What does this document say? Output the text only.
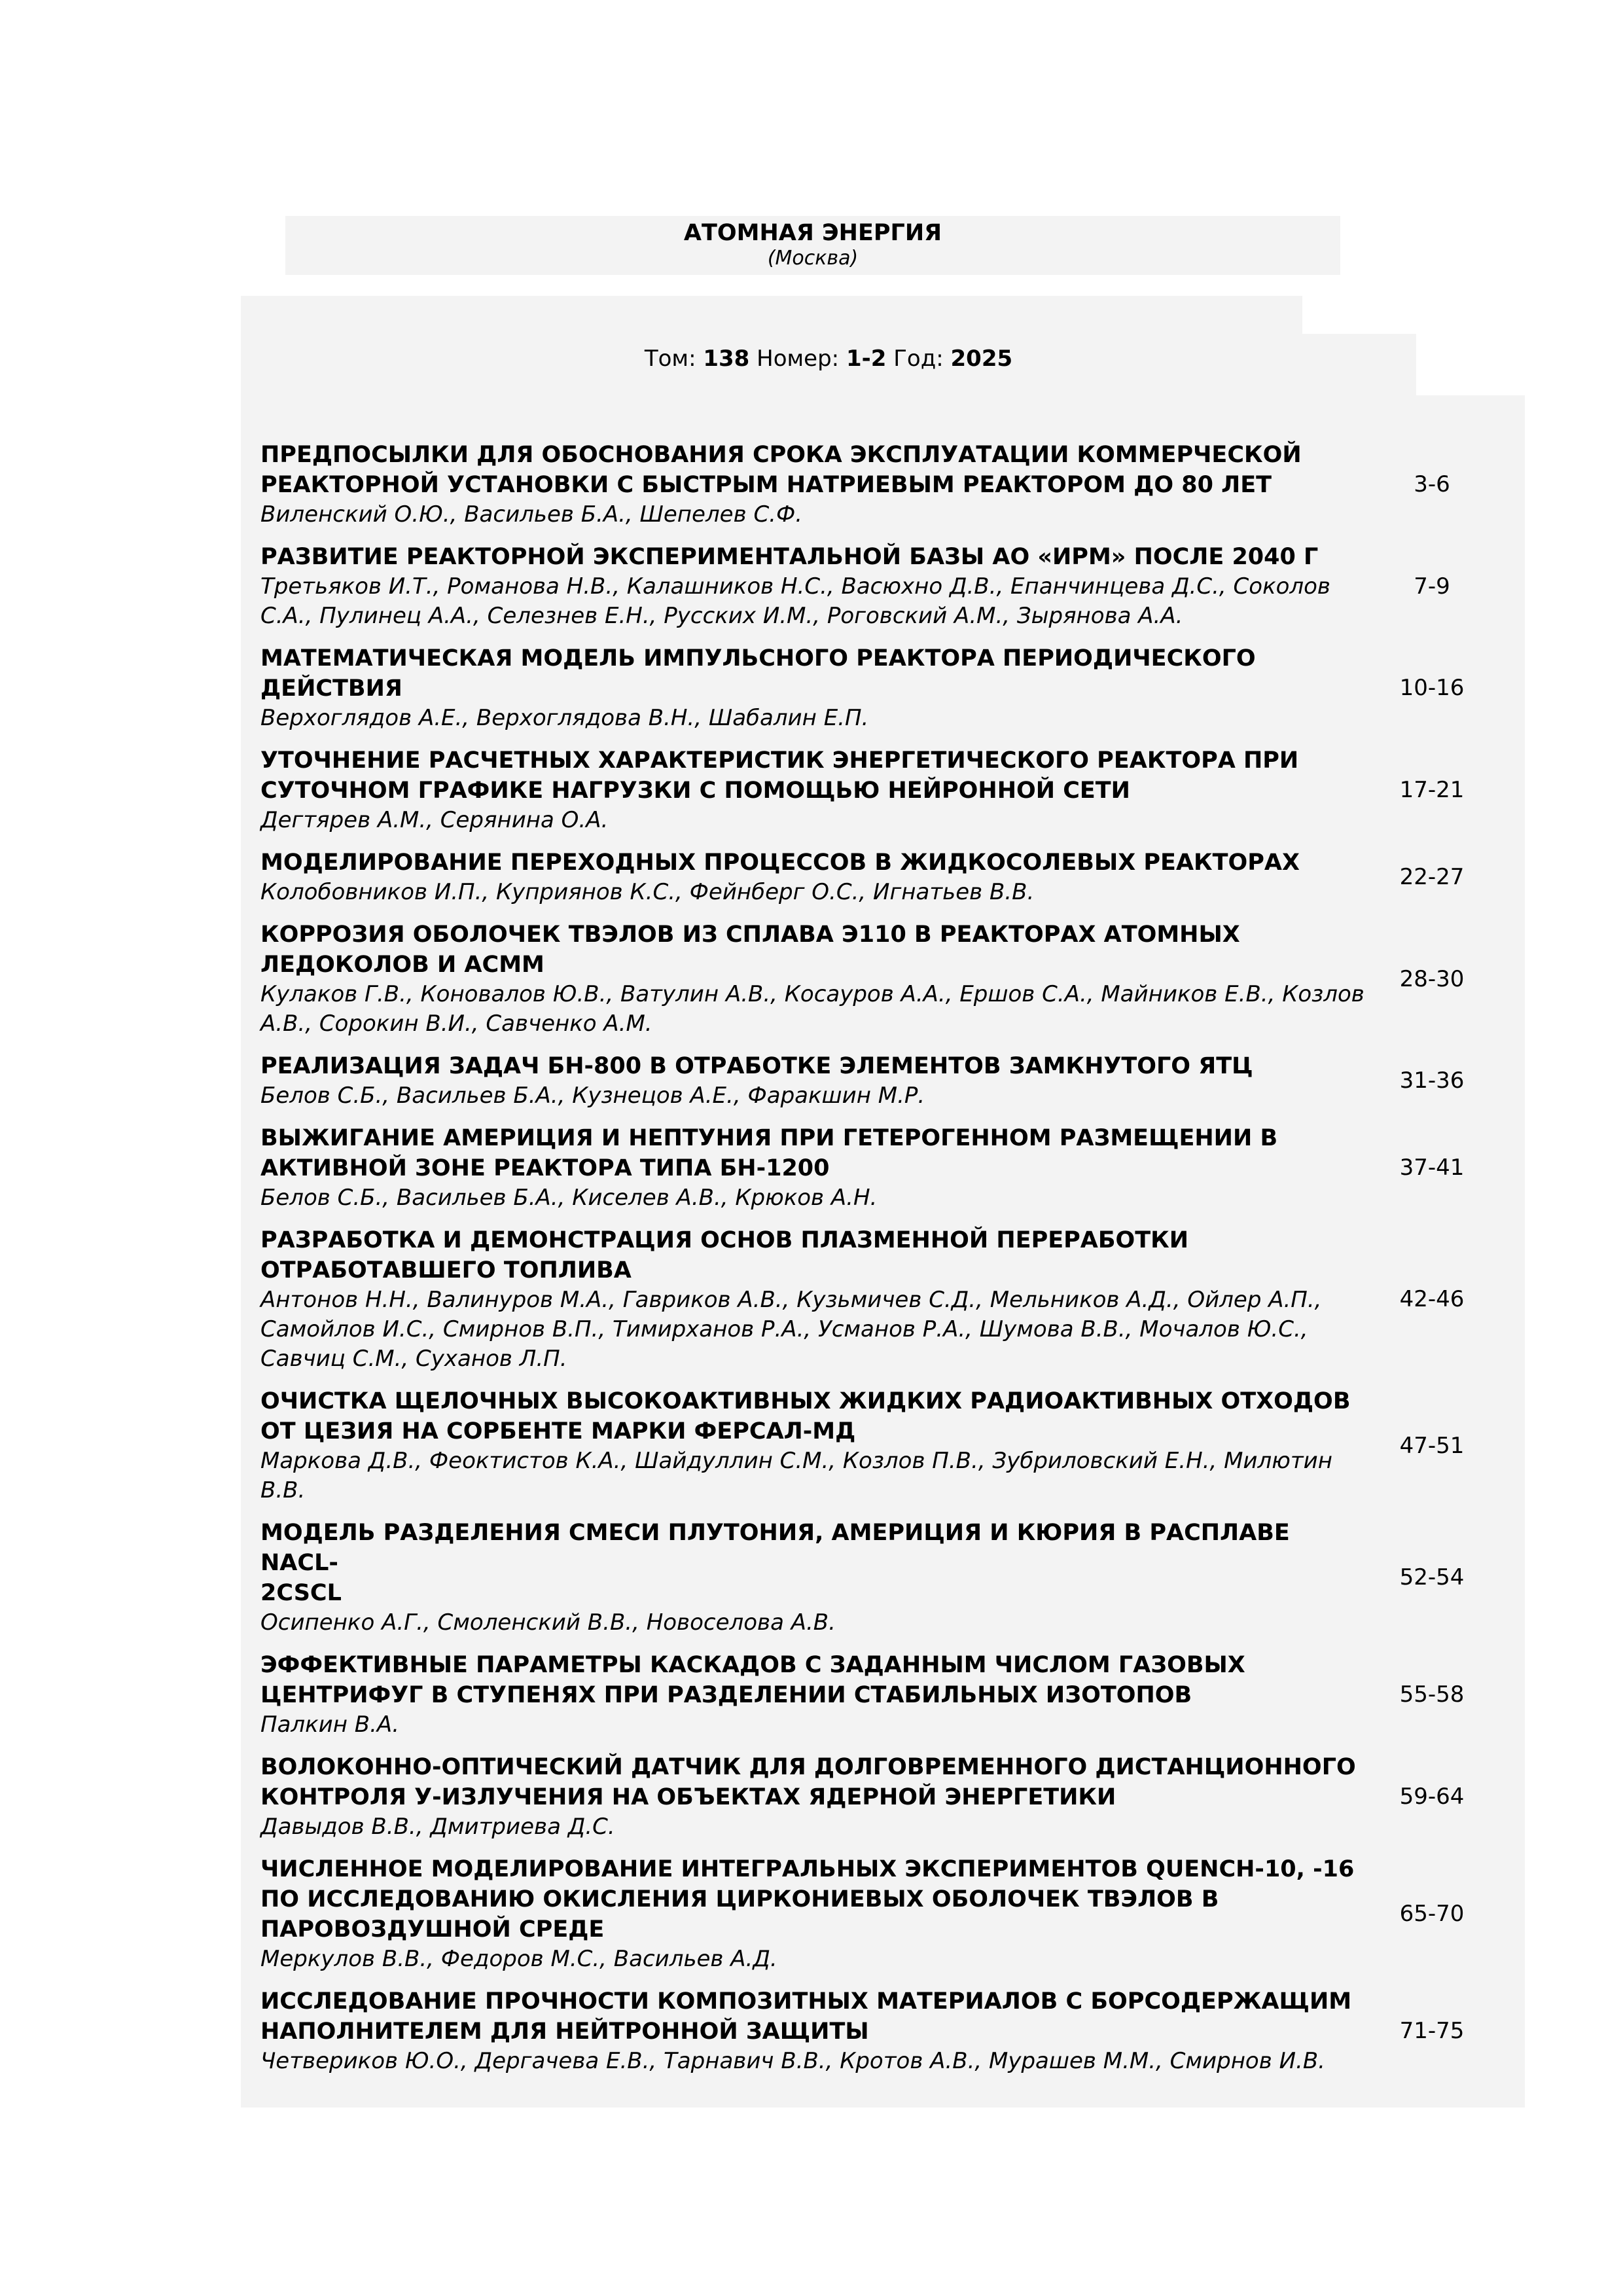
АТОМНАЯ ЭНЕРГИЯ
(Москва)
Том: 138 Номер: 1-2 Год: 2025
ПРЕДПОСЫЛКИ ДЛЯ ОБОСНОВАНИЯ СРОКА ЭКСПЛУАТАЦИИ КОММЕРЧЕСКОЙ
РЕАКТОРНОЙ УСТАНОВКИ С БЫСТРЫМ НАТРИЕВЫМ РЕАКТОРОМ ДО 80 ЛЕТ
Виленский О.Ю., Васильев Б.А., Шепелев С.Ф.
3-6
РАЗВИТИЕ РЕАКТОРНОЙ ЭКСПЕРИМЕНТАЛЬНОЙ БАЗЫ АО «ИРМ» ПОСЛЕ 2040 Г
Третьяков И.Т., Романова Н.В., Калашников Н.С., Васюхно Д.В., Епанчинцева Д.С., Соколов
С.А., Пулинец А.А., Селезнев Е.Н., Русских И.М., Роговский А.М., Зырянова А.А.
7-9
МАТЕМАТИЧЕСКАЯ МОДЕЛЬ ИМПУЛЬСНОГО РЕАКТОРА ПЕРИОДИЧЕСКОГО
ДЕЙСТВИЯ
Верхоглядов А.Е., Верхоглядова В.Н., Шабалин Е.П.
10-16
УТОЧНЕНИЕ РАСЧЕТНЫХ ХАРАКТЕРИСТИК ЭНЕРГЕТИЧЕСКОГО РЕАКТОРА ПРИ
СУТОЧНОМ ГРАФИКЕ НАГРУЗКИ С ПОМОЩЬЮ НЕЙРОННОЙ СЕТИ
Дегтярев А.М., Серянина О.А.
17-21
МОДЕЛИРОВАНИЕ ПЕРЕХОДНЫХ ПРОЦЕССОВ В ЖИДКОСОЛЕВЫХ РЕАКТОРАХ
Колобовников И.П., Куприянов К.С., Фейнберг О.С., Игнатьев В.В.
22-27
КОРРОЗИЯ ОБОЛОЧЕК ТВЭЛОВ ИЗ СПЛАВА Э110 В РЕАКТОРАХ АТОМНЫХ
ЛЕДОКОЛОВ И АСММ
Кулаков Г.В., Коновалов Ю.В., Ватулин А.В., Косауров А.А., Ершов С.А., Майников Е.В., Козлов
А.В., Сорокин В.И., Савченко А.М.
28-30
РЕАЛИЗАЦИЯ ЗАДАЧ БН-800 В ОТРАБОТКЕ ЭЛЕМЕНТОВ ЗАМКНУТОГО ЯТЦ
Белов С.Б., Васильев Б.А., Кузнецов А.Е., Фаракшин М.Р.
31-36
ВЫЖИГАНИЕ АМЕРИЦИЯ И НЕПТУНИЯ ПРИ ГЕТЕРОГЕННОМ РАЗМЕЩЕНИИ В
АКТИВНОЙ ЗОНЕ РЕАКТОРА ТИПА БН-1200
Белов С.Б., Васильев Б.А., Киселев А.В., Крюков А.Н.
37-41
РАЗРАБОТКА И ДЕМОНСТРАЦИЯ ОСНОВ ПЛАЗМЕННОЙ ПЕРЕРАБОТКИ
ОТРАБОТАВШЕГО ТОПЛИВА
Антонов Н.Н., Валинуров М.А., Гавриков А.В., Кузьмичев С.Д., Мельников А.Д., Ойлер А.П.,
Самойлов И.С., Смирнов В.П., Тимирханов Р.А., Усманов Р.А., Шумова В.В., Мочалов Ю.С.,
Савчиц С.М., Суханов Л.П.
42-46
ОЧИСТКА ЩЕЛОЧНЫХ ВЫСОКОАКТИВНЫХ ЖИДКИХ РАДИОАКТИВНЫХ ОТХОДОВ
ОТ ЦЕЗИЯ НА СОРБЕНТЕ МАРКИ ФЕРСАЛ-МД
Маркова Д.В., Феоктистов К.А., Шайдуллин С.М., Козлов П.В., Зубриловский Е.Н., Милютин
В.В.
47-51
МОДЕЛЬ РАЗДЕЛЕНИЯ СМЕСИ ПЛУТОНИЯ, АМЕРИЦИЯ И КЮРИЯ В РАСПЛАВЕ NACL-
2CSCL
Осипенко А.Г., Смоленский В.В., Новоселова А.В.
52-54
ЭФФЕКТИВНЫЕ ПАРАМЕТРЫ КАСКАДОВ С ЗАДАННЫМ ЧИСЛОМ ГАЗОВЫХ
ЦЕНТРИФУГ В СТУПЕНЯХ ПРИ РАЗДЕЛЕНИИ СТАБИЛЬНЫХ ИЗОТОПОВ
Палкин В.А.
55-58
ВОЛОКОННО-ОПТИЧЕСКИЙ ДАТЧИК ДЛЯ ДОЛГОВРЕМЕННОГО ДИСТАНЦИОННОГО
КОНТРОЛЯ У-ИЗЛУЧЕНИЯ НА ОБЪЕКТАХ ЯДЕРНОЙ ЭНЕРГЕТИКИ
Давыдов В.В., Дмитриева Д.С.
59-64
ЧИСЛЕННОЕ МОДЕЛИРОВАНИЕ ИНТЕГРАЛЬНЫХ ЭКСПЕРИМЕНТОВ QUENCH-10, -16
ПО ИССЛЕДОВАНИЮ ОКИСЛЕНИЯ ЦИРКОНИЕВЫХ ОБОЛОЧЕК ТВЭЛОВ В
ПАРОВОЗДУШНОЙ СРЕДЕ
Меркулов В.В., Федоров М.С., Васильев А.Д.
65-70
ИССЛЕДОВАНИЕ ПРОЧНОСТИ КОМПОЗИТНЫХ МАТЕРИАЛОВ С БОРСОДЕРЖАЩИМ
НАПОЛНИТЕЛЕМ ДЛЯ НЕЙТРОННОЙ ЗАЩИТЫ
Четвериков Ю.О., Дергачева Е.В., Тарнавич В.В., Кротов А.В., Мурашев М.М., Смирнов И.В.
71-75
